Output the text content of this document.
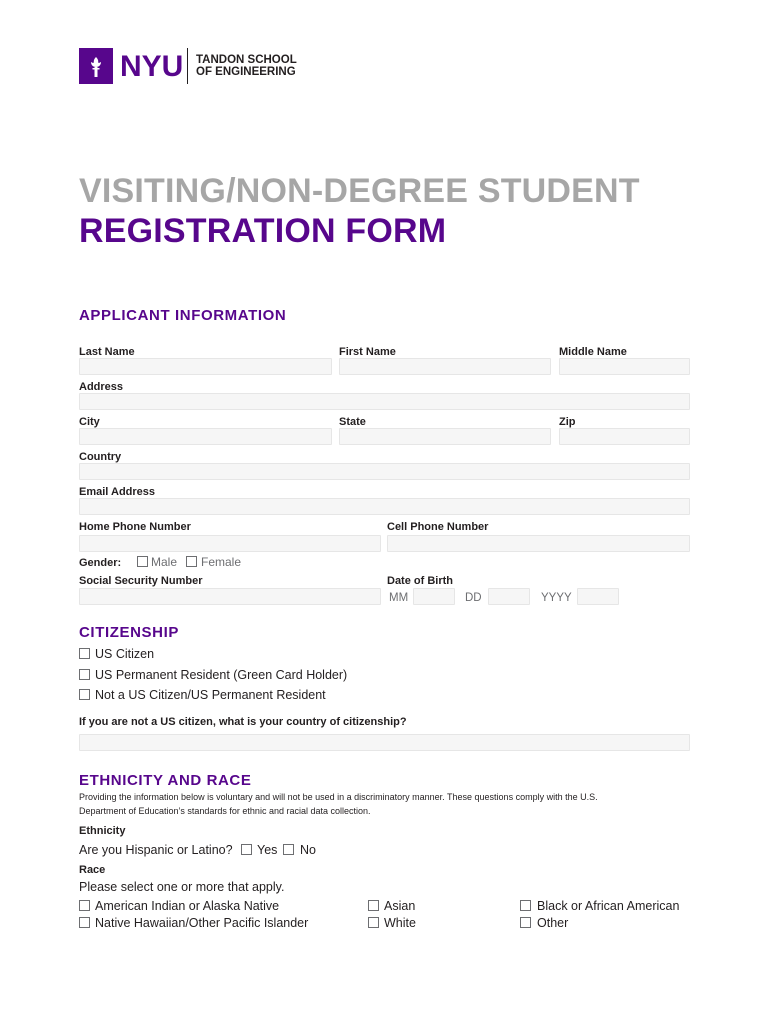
NYU TANDON SCHOOL
OF ENGINEERING
VISITING/NON-DEGREE STUDENT
REGISTRATION FORM
APPLICANT INFORMATION
Last Name	First Name	Middle Name
Address
City	State	Zip
Country
Email Address
Home Phone Number	Cell Phone Number
Gender: Male Female
Social Security Number	Date of Birth
MM	DD	YYYY
CITIZENSHIP
US Citizen
US Permanent Resident (Green Card Holder)
Not a US Citizen/US Permanent Resident
If you are not a US citizen, what is your country of citizenship?
ETHNICITY AND RACE
Providing the information below is voluntary and will not be used in a discriminatory manner. These questions comply with the U.S.
Department of Education’s standards for ethnic and racial data collection.
Ethnicity
Are you Hispanic or Latino? Yes No
Race
Please select one or more that apply.
American Indian or Alaska Native	Asian	Black or African American
Native Hawaiian/Other Pacific Islander	White	Other
